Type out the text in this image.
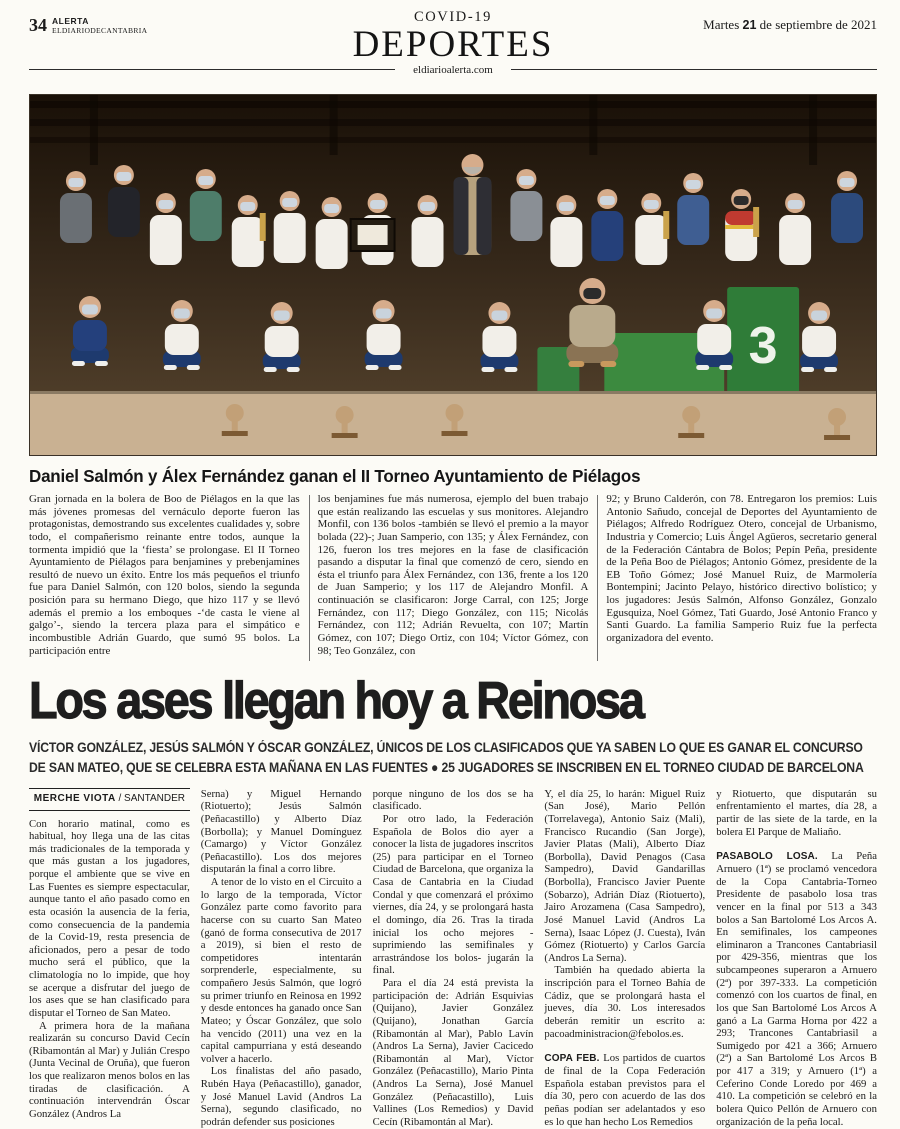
34 ALERTA
ELDIARIODECANTABRIA	Martes 21 de septiembre de 2021
COVID-19
DEPORTES
eldiarioalerta.com
3
Daniel Salmón y Álex Fernández ganan el II Torneo Ayuntamiento de Piélagos
Gran jornada en la bolera de Boo de Piélagos en la que las más jóvenes promesas del vernáculo deporte fueron las protagonistas, demostrando sus excelentes cualidades y, sobre todo, el compañerismo reinante entre todos, aunque la tormenta impidió que la ‘fiesta’ se prolongase. El II Torneo Ayuntamiento de Piélagos para benjamines y prebenjamines resultó de nuevo un éxito. Entre los más pequeños el triunfo fue para Daniel Salmón, con 120 bolos, siendo la segunda posición para su hermano Diego, que hizo 117 y se llevó además el premio a los emboques -‘de casta le viene al galgo’-, siendo la tercera plaza para el simpático e incombustible Adrián Guardo, que sumó 95 bolos. La participación entre
los benjamines fue más numerosa, ejemplo del buen trabajo que están realizando las escuelas y sus monitores. Alejandro Monfil, con 136 bolos -también se llevó el premio a la mayor bolada (22)-; Juan Samperio, con 135; y Álex Fernández, con 126, fueron los tres mejores en la fase de clasificación pasando a disputar la final que comenzó de cero, siendo en ésta el triunfo para Álex Fernández, con 136, frente a los 120 de Juan Samperio; y los 117 de Alejandro Monfil. A continuación se clasificaron: Jorge Carral, con 125; Jorge Fernández, con 117; Diego González, con 115; Nicolás Fernández, con 112; Adrián Revuelta, con 107; Martín Gómez, con 107; Diego Ortiz, con 104; Víctor Gómez, con 98; Teo González, con
92; y Bruno Calderón, con 78. Entregaron los premios: Luis Antonio Sañudo, concejal de Deportes del Ayuntamiento de Piélagos; Alfredo Rodríguez Otero, concejal de Urbanismo, Industria y Comercio; Luis Ángel Agüeros, secretario general de la Federación Cántabra de Bolos; Pepín Peña, presidente de la Peña Boo de Piélagos; Antonio Gómez, presidente de la EB Toño Gómez; José Manuel Ruiz, de Marmolería Bontempini; Jacinto Pelayo, histórico directivo bolístico; y los jugadores: Jesús Salmón, Alfonso González, Gonzalo Egusquiza, Noel Gómez, Tati Guardo, José Antonio Franco y Santi Guardo. La familia Samperio Ruiz fue la perfecta organizadora del evento.
Los ases llegan hoy a Reinosa
VÍCTOR GONZÁLEZ, JESÚS SALMÓN Y ÓSCAR GONZÁLEZ, ÚNICOS DE LOS CLASIFICADOS QUE YA SABEN LO QUE ES GANAR EL CONCURSO
DE SAN MATEO, QUE SE CELEBRA ESTA MAÑANA EN LAS FUENTES ● 25 JUGADORES SE INSCRIBEN EN EL TORNEO CIUDAD DE BARCELONA
MERCHE VIOTA / SANTANDER

Con horario matinal, como es habitual, hoy llega una de las citas más tradicionales de la temporada y que más gustan a los jugadores, porque el ambiente que se vive en Las Fuentes es siempre espectacular, aunque tanto el año pasado como en esta ocasión la ausencia de la feria, como consecuencia de la pandemia de la Covid-19, resta presencia de aficionados, pero a pesar de todo mucho será el público, que la climatología no lo impide, que hoy se acerque a disfrutar del juego de los ases que se han clasificado para disputar el Torneo de San Mateo.

A primera hora de la mañana realizarán su concurso David Cecín (Ribamontán al Mar) y Julián Crespo (Junta Vecinal de Oruña), que fueron los que realizaron menos bolos en las tiradas de clasificación. A continuación intervendrán Óscar González (Andros La

Serna) y Miguel Hernando (Riotuerto); Jesús Salmón (Peñacastillo) y Alberto Díaz (Borbolla); y Manuel Domínguez (Camargo) y Víctor González (Peñacastillo). Los dos mejores disputarán la final a corro libre.

A tenor de lo visto en el Circuito a lo largo de la temporada, Víctor González parte como favorito para hacerse con su cuarto San Mateo (ganó de forma consecutiva de 2017 a 2019), si bien el resto de competidores intentarán sorprenderle, especialmente, su compañero Jesús Salmón, que logró su primer triunfo en Reinosa en 1992 y desde entonces ha ganado once San Mateo; y Óscar González, que solo ha vencido (2011) una vez en la capital campurriana y está deseando volver a hacerlo.

Los finalistas del año pasado, Rubén Haya (Peñacastillo), ganador, y José Manuel Lavid (Andros La Serna), segundo clasificado, no podrán defender sus posiciones

porque ninguno de los dos se ha clasificado.

Por otro lado, la Federación Española de Bolos dio ayer a conocer la lista de jugadores inscritos (25) para participar en el Torneo Ciudad de Barcelona, que organiza la Casa de Cantabria en la Ciudad Condal y que comenzará el próximo viernes, día 24, y se prolongará hasta el domingo, día 26. Tras la tirada inicial los ocho mejores -suprimiendo las semifinales y arrastrándose los bolos- jugarán la final.

Para el día 24 está prevista la participación de: Adrián Esquivias (Quijano), Javier González (Quijano), Jonathan García (Ribamontán al Mar), Pablo Lavín (Andros La Serna), Javier Cacicedo (Ribamontán al Mar), Víctor González (Peñacastillo), Mario Pinta (Andros La Serna), José Manuel González (Peñacastillo), Luis Vallines (Los Remedios) y David Cecín (Ribamontán al Mar).

Y, el día 25, lo harán: Miguel Ruiz (San José), Mario Pellón (Torrelavega), Antonio Saiz (Mali), Francisco Rucandio (San Jorge), Javier Platas (Mali), Alberto Díaz (Borbolla), David Penagos (Casa Sampedro), David Gandarillas (Borbolla), Francisco Javier Puente (Sobarzo), Adrián Díaz (Riotuerto), Jairo Arozamena (Casa Sampedro), José Manuel Lavid (Andros La Serna), Isaac López (J. Cuesta), Iván Gómez (Riotuerto) y Carlos García (Andros La Serna).

También ha quedado abierta la inscripción para el Torneo Bahía de Cádiz, que se prolongará hasta el jueves, día 30. Los interesados deberán remitir un escrito a: pacoadministracion@febolos.es.

COPA FEB. Los partidos de cuartos de final de la Copa Federación Española estaban previstos para el día 30, pero con acuerdo de las dos peñas podían ser adelantados y eso es lo que han hecho Los Remedios

y Riotuerto, que disputarán su enfrentamiento el martes, día 28, a partir de las siete de la tarde, en la bolera El Parque de Maliaño.

PASABOLO LOSA. La Peña Arnuero (1ª) se proclamó vencedora de la Copa Cantabria-Torneo Presidente de pasabolo losa tras vencer en la final por 513 a 343 bolos a San Bartolomé Los Arcos A. En semifinales, los campeones eliminaron a Trancones Cantabriasil por 429-356, mientras que los subcampeones superaron a Arnuero (2ª) por 397-333. La competición comenzó con los cuartos de final, en los que San Bartolomé Los Arcos A ganó a La Garma Horna por 422 a 293; Trancones Cantabriasil a Sumigedo por 421 a 366; Arnuero (2ª) a San Bartolomé Los Arcos B por 417 a 319; y Arnuero (1ª) a Ceferino Conde Loredo por 469 a 410. La competición se celebró en la bolera Quico Pellón de Arnuero con organización de la peña local.
